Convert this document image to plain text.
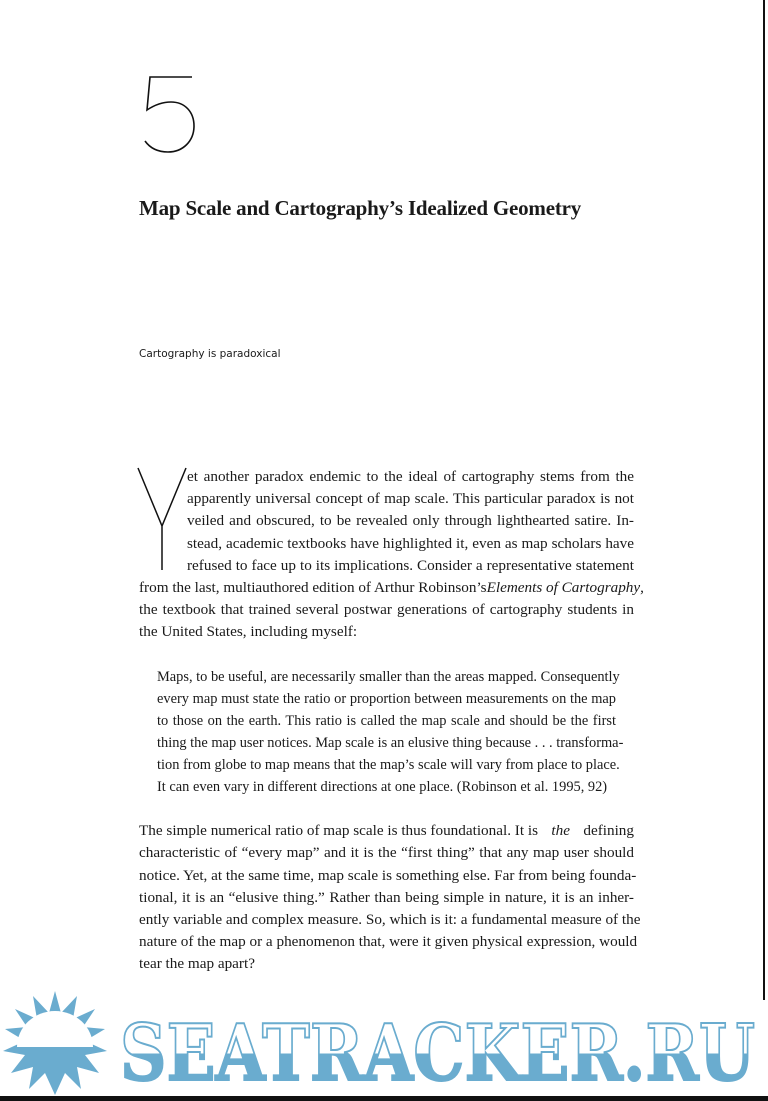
Map Scale and Cartography’s Idealized Geometry
Cartography is paradoxical
et another paradox endemic to the ideal of cartography stems from the
apparently universal concept of map scale. This particular paradox is not
veiled and obscured, to be revealed only through lighthearted satire. In-
stead, academic textbooks have highlighted it, even as map scholars have
refused to face up to its implications. Consider a representative statement
from the last, multiauthored edition of Arthur Robinson’s Elements of Cartography,
the textbook that trained several postwar generations of cartography students in
the United States, including myself:
Maps, to be useful, are necessarily smaller than the areas mapped. Consequently
every map must state the ratio or proportion between measurements on the map
to those on the earth. This ratio is called the map scale and should be the first
thing the map user notices. Map scale is an elusive thing because . . . transforma-
tion from globe to map means that the map’s scale will vary from place to place.
It can even vary in different directions at one place. (Robinson et al. 1995, 92)
The simple numerical ratio of map scale is thus foundational. It is the defining
characteristic of “every map” and it is the “first thing” that any map user should
notice. Yet, at the same time, map scale is something else. Far from being founda-
tional, it is an “elusive thing.” Rather than being simple in nature, it is an inher-
ently variable and complex measure. So, which is it: a fundamental measure of the
nature of the map or a phenomenon that, were it given physical expression, would
tear the map apart?
SEATRACKER.RU
